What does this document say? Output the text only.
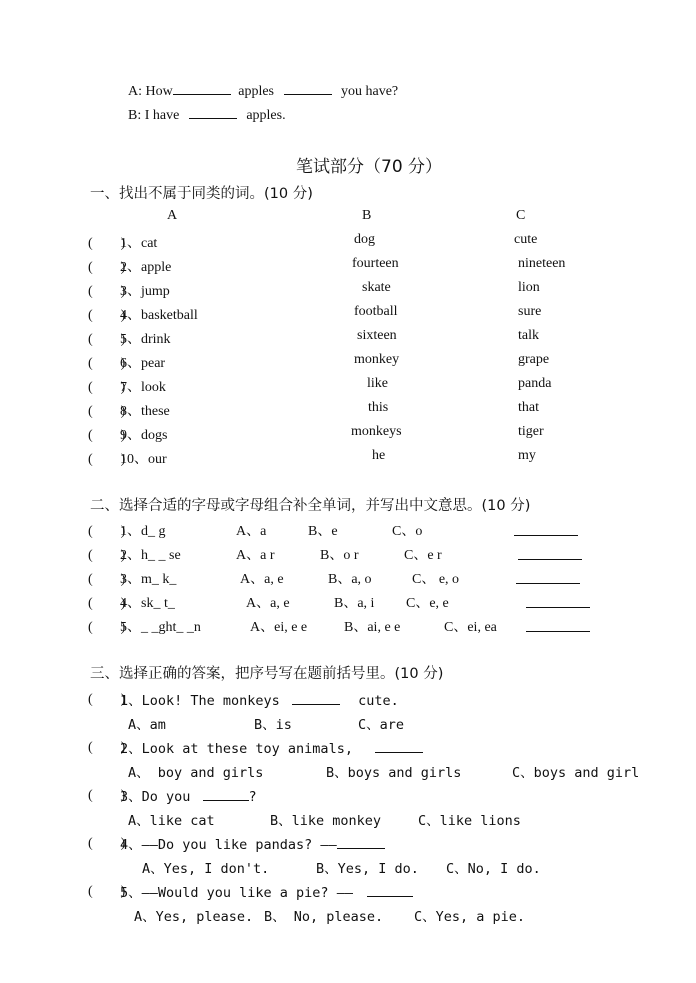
A: How	apples	you have?
B: I have	apples.
笔试部分（70 分）
一、找出不属于同类的词。(10 分)
A	B	C
(　　)
1、cat	dog	cute
(　　)
2、apple	fourteen	nineteen
(　　)
3、jump	skate	lion
(　　)
4、basketball	football	sure
(　　)
5、drink	sixteen	talk
(　　)
6、pear	monkey	grape
(　　)
7、look	like	panda
(　　)
8、these	this	that
(　　)
9、dogs	monkeys	tiger
(　　)
10、our	he	my
二、选择合适的字母或字母组合补全单词，并写出中文意思。(10 分)
(　　)
1、d_ g	A、a	B、e	C、o
(　　)
2、h_ _ se	A、a r	B、o r	C、e r
(　　)
3、m_ k_	A、a, e	B、a, o	C、 e, o
(　　)
4、sk_ t_	A、a, e	B、a, i C、e, e
(　　)
5、_ _ght_ _n	A、ei, e e	B、ai, e e	C、ei, ea
三、选择正确的答案，把序号写在题前括号里。(10 分)
(　　)
1、Look! The monkeys	cute.
A、am	B、is	C、are
(　　)
2、Look at these toy animals,
A、 boy and girls	B、boys and girls	C、boys and girl
(　　)
3、Do you	?
A、like cat	B、like monkey	C、like lions
(　　)
4、——Do you like pandas? ——
A、Yes, I don't.	B、Yes, I do. C、No, I do.
(　　)
5、——Would you like a pie? ——
A、Yes, please. B、 No, please. C、Yes, a pie.
